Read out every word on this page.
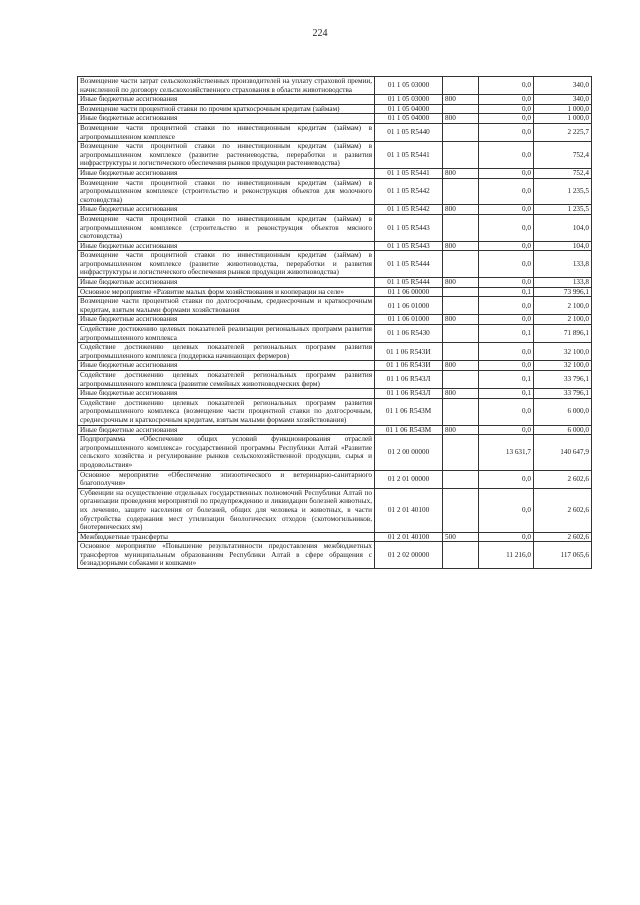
224
Возмещение части затрат сельскохозяйственных производителей на уплату страховой премии, начисленной по договору сельскохозяйственного страхования в области животноводства	01 1 05 03000		0,0	340,0
Иные бюджетные ассигнования	01 1 05 03000	800	0,0	340,0
Возмещение части процентной ставки по прочим краткосрочным кредитам (займам)	01 1 05 04000		0,0	1 000,0
Иные бюджетные ассигнования	01 1 05 04000	800	0,0	1 000,0
Возмещение части процентной ставки по инвестиционным кредитам (займам) в агропромышленном комплексе	01 1 05 R5440		0,0	2 225,7
Возмещение части процентной ставки по инвестиционным кредитам (займам) в агропромышленном комплексе (развитие растениеводства, переработки и развития инфраструктуры и логистического обеспечения рынков продукции растениеводства)	01 1 05 R5441		0,0	752,4
Иные бюджетные ассигнования	01 1 05 R5441	800	0,0	752,4
Возмещение части процентной ставки по инвестиционным кредитам (займам) в агропромышленном комплексе (строительство и реконструкция объектов для молочного скотоводства)	01 1 05 R5442		0,0	1 235,5
Иные бюджетные ассигнования	01 1 05 R5442	800	0,0	1 235,5
Возмещение части процентной ставки по инвестиционным кредитам (займам) в агропромышленном комплексе (строительство и реконструкция объектов мясного скотоводства)	01 1 05 R5443		0,0	104,0
Иные бюджетные ассигнования	01 1 05 R5443	800	0,0	104,0
Возмещение части процентной ставки по инвестиционным кредитам (займам) в агропромышленном комплексе (развитие животноводства, переработки и развития инфраструктуры и логистического обеспечения рынков продукции животноводства)	01 1 05 R5444		0,0	133,8
Иные бюджетные ассигнования	01 1 05 R5444	800	0,0	133,8
Основное мероприятие «Развитие малых форм хозяйствования и кооперации на селе»	01 1 06 00000		0,1	73 996,1
Возмещение части процентной ставки по долгосрочным, среднесрочным и краткосрочным кредитам, взятым малыми формами хозяйствования	01 1 06 01000		0,0	2 100,0
Иные бюджетные ассигнования	01 1 06 01000	800	0,0	2 100,0
Содействие достижению целевых показателей реализации региональных программ развития агропромышленного комплекса	01 1 06 R5430		0,1	71 896,1
Содействие достижению целевых показателей региональных программ развития агропромышленного комплекса (поддержка начинающих фермеров)	01 1 06 R543И		0,0	32 100,0
Иные бюджетные ассигнования	01 1 06 R543И	800	0,0	32 100,0
Содействие достижению целевых показателей региональных программ развития агропромышленного комплекса (развитие семейных животноводческих ферм)	01 1 06 R543Л		0,1	33 796,1
Иные бюджетные ассигнования	01 1 06 R543Л	800	0,1	33 796,1
Содействие достижению целевых показателей региональных программ развития агропромышленного комплекса (возмещение части процентной ставки по долгосрочным, среднесрочным и краткосрочным кредитам, взятым малыми формами хозяйствования)	01 1 06 R543М		0,0	6 000,0
Иные бюджетные ассигнования	01 1 06 R543М	800	0,0	6 000,0
Подпрограмма «Обеспечение общих условий функционирования отраслей агропромышленного комплекса» государственной программы Республики Алтай «Развитие сельского хозяйства и регулирование рынков сельскохозяйственной продукции, сырья и продовольствия»	01 2 00 00000		13 631,7	140 647,9
Основное мероприятие «Обеспечение эпизоотического и ветеринарно-санитарного благополучия»	01 2 01 00000		0,0	2 602,6
Субвенции на осуществление отдельных государственных полномочий Республики Алтай по организации проведения мероприятий по предупреждению и ликвидации болезней животных, их лечению, защите населения от болезней, общих для человека и животных, в части обустройства содержания мест утилизации биологических отходов (скотомогильников, биотермических ям)	01 2 01 40100		0,0	2 602,6
Межбюджетные трансферты	01 2 01 40100	500	0,0	2 602,6
Основное мероприятие «Повышение результативности предоставления межбюджетных трансфертов муниципальным образованиям Республики Алтай в сфере обращения с безнадзорными собаками и кошками»	01 2 02 00000		11 216,0	117 065,6
